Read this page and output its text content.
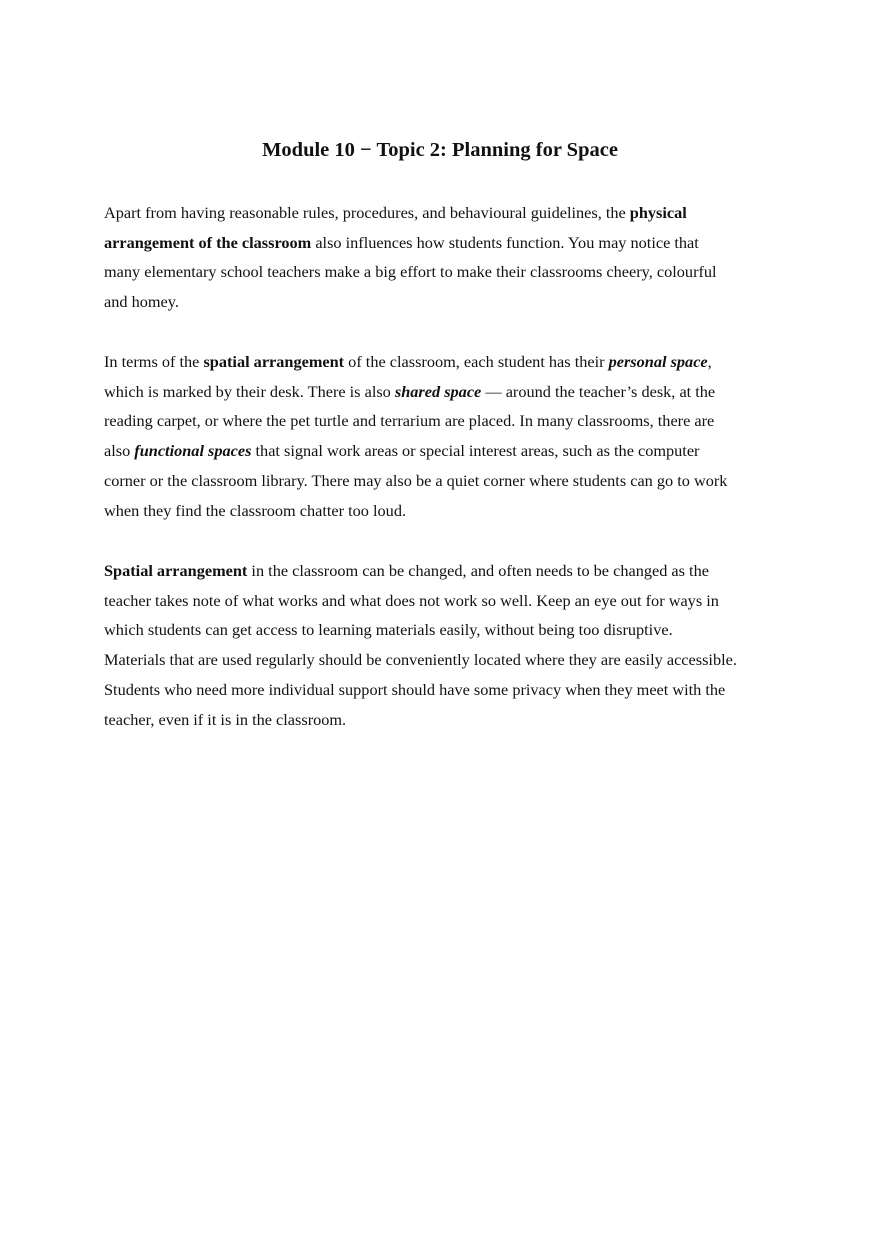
Module 10 − Topic 2: Planning for Space

Apart from having reasonable rules, procedures, and behavioural guidelines, the physical
arrangement of the classroom also influences how students function. You may notice that
many elementary school teachers make a big effort to make their classrooms cheery, colourful
and homey.

In terms of the spatial arrangement of the classroom, each student has their personal space,
which is marked by their desk. There is also shared space — around the teacher’s desk, at the
reading carpet, or where the pet turtle and terrarium are placed. In many classrooms, there are
also functional spaces that signal work areas or special interest areas, such as the computer
corner or the classroom library. There may also be a quiet corner where students can go to work
when they find the classroom chatter too loud.

Spatial arrangement in the classroom can be changed, and often needs to be changed as the
teacher takes note of what works and what does not work so well. Keep an eye out for ways in
which students can get access to learning materials easily, without being too disruptive.
Materials that are used regularly should be conveniently located where they are easily accessible.
Students who need more individual support should have some privacy when they meet with the
teacher, even if it is in the classroom.
